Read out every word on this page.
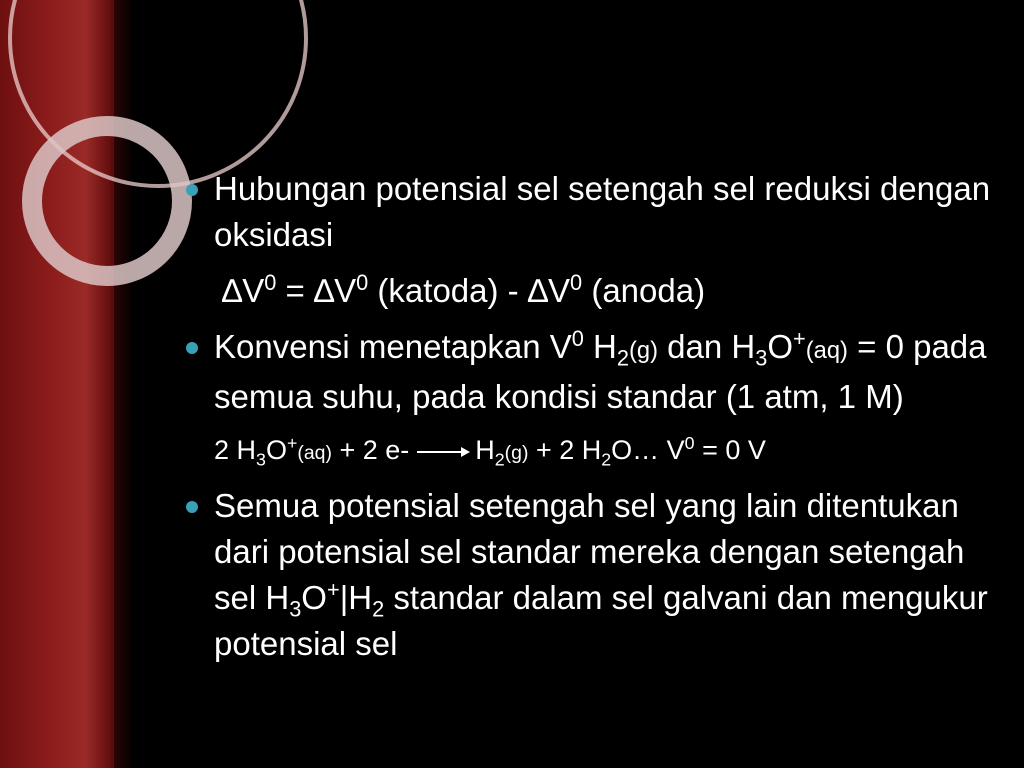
Hubungan potensial sel setengah sel reduksi dengan oksidasi
$\Delta V^0 = \Delta V^0$ (katoda) - $\Delta V^0$ (anoda)
Konvensi menetapkan $V^0$ $H_2(g)$ dan $H_3O^+(aq) = 0$ pada semua suhu, pada kondisi standar (1 atm, 1 M)
2 $H_3O^+(aq) + 2$ $e- \to H_2(g) + 2$ $H_2O\dots$ $V^0 = 0$ V
Semua potensial setengah sel yang lain ditentukan dari potensial sel standar mereka dengan setengah sel $H_3O^+|H_2$ standar dalam sel galvani dan mengukur potensial sel
